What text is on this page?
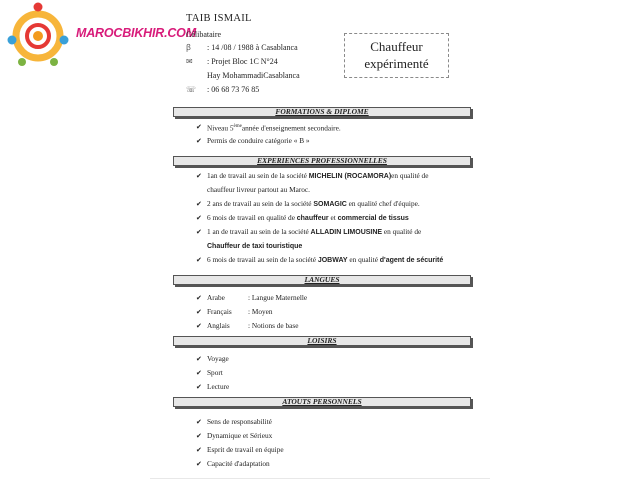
MAROCBIKHIR.COM
TAIB ISMAIL
Célibataire
ꞵ	: 14 /08 / 1988 à Casablanca
✉	: Projet Bloc 1C N°24
Hay MohammadiCasablanca
☏	: 06 68 73 76 85
Chauffeur
expérimenté
FORMATIONS & DIPLOME
✔ Niveau 5èmeannée d'enseignement secondaire.
✔ Permis de conduire catégorie « B »
EXPERIENCES PROFESSIONNELLES
LANGUES
LOISIRS
ATOUTS PERSONNELS
✔ 1an de travail au sein de la société MICHELIN (ROCAMORA)en qualité de
chauffeur livreur partout au Maroc.
✔ 2 ans de travail au sein de la société SOMAGIC en qualité chef d'équipe.
✔ 6 mois de travail en qualité de chauffeur et commercial de tissus
✔ 1 an de travail au sein de la société ALLADIN LIMOUSINE en qualité de
Chauffeur de taxi touristique
✔ 6 mois de travail au sein de la société JOBWAY en qualité d'agent de sécurité
✔ Arabe	: Langue Maternelle
✔ Français : Moyen
✔ Anglais	: Notions de base
✔ Voyage
✔ Sport
✔ Lecture
✔ Sens de responsabilité
✔ Dynamique et Sérieux
✔ Esprit de travail en équipe
✔ Capacité d'adaptation
